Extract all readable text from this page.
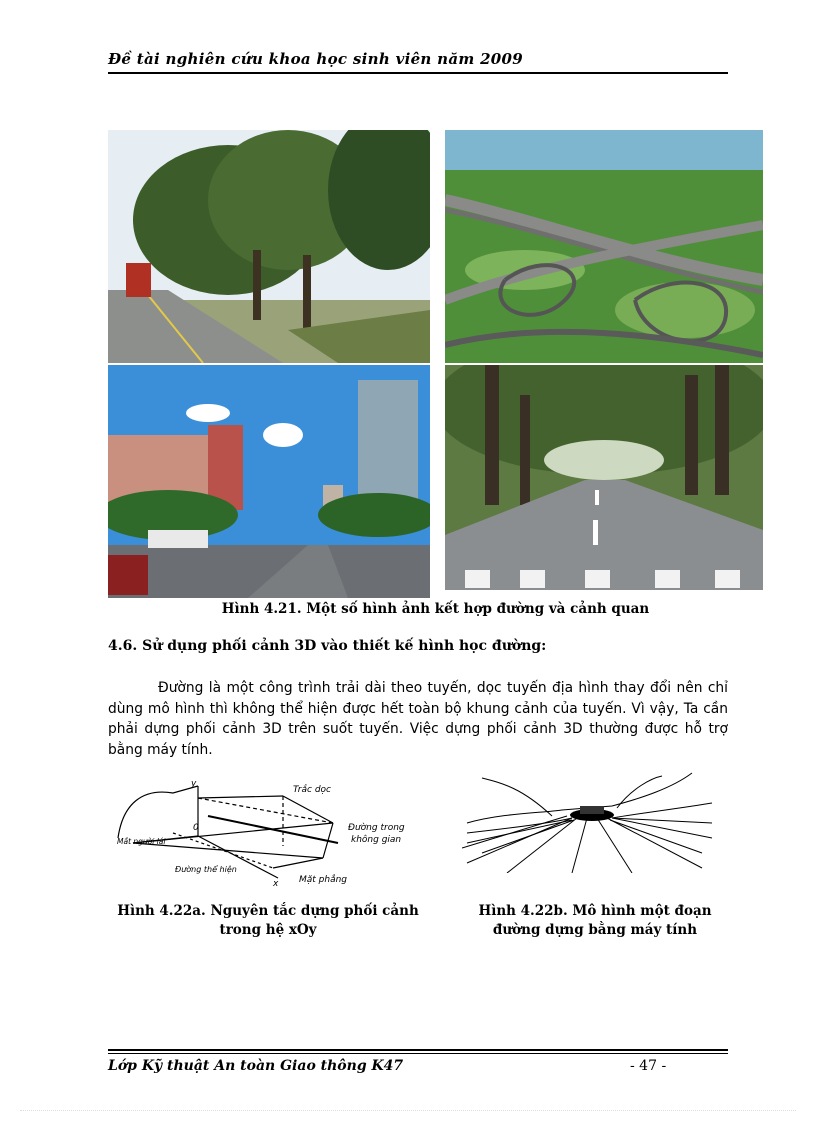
Đề tài nghiên cứu khoa học sinh viên năm 2009
Hình 4.21. Một số hình ảnh kết hợp đường và cảnh quan
4.6. Sử dụng phối cảnh 3D vào thiết kế hình học đường:
Đường là một công trình trải dài theo tuyến, dọc tuyến địa hình thay đổi nên chỉ dùng mô hình thì không thể hiện được hết toàn bộ khung cảnh của tuyến. Vì vậy, Ta cần phải dựng phối cảnh 3D trên suốt tuyến. Việc dựng phối cảnh 3D thường được hỗ trợ bằng máy tính.
y
0
x
Trắc dọc
Đường trong
không gian
Mắt người lái
Đường thể hiện
Mặt phẳng
Hình 4.22a. Nguyên tắc dựng phối cảnh
trong hệ xOy
Hình 4.22b. Mô hình một đoạn
đường dựng bằng máy tính
Lớp Kỹ thuật An toàn Giao thông K47	- 47 -
